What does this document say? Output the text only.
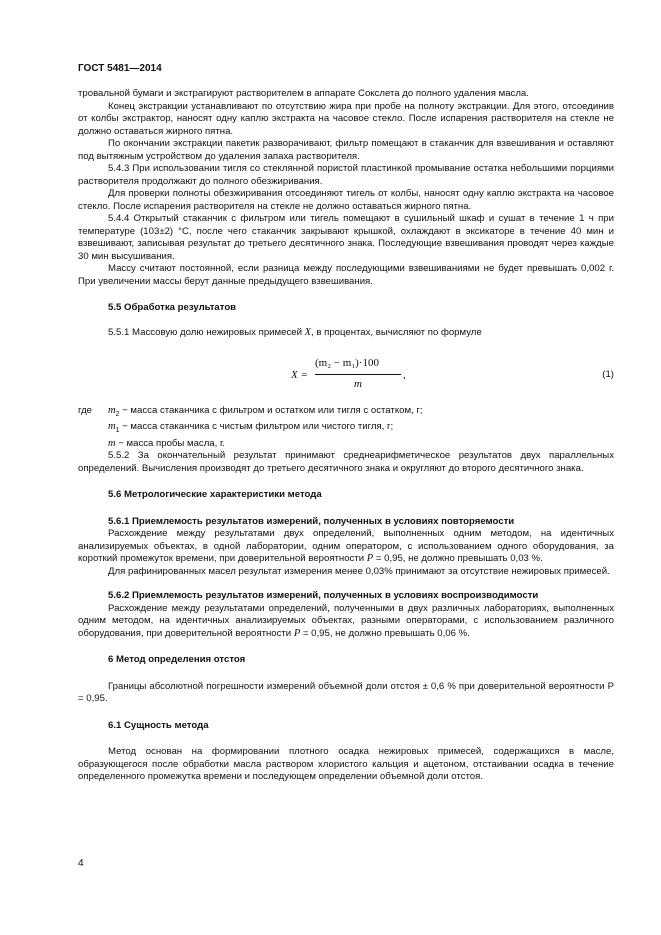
ГОСТ 5481—2014

тровальной бумаги и экстрагируют растворителем в аппарате Сокслета до полного удаления масла.

Конец экстракции устанавливают по отсутствию жира при пробе на полноту экстракции. Для этого, отсоединив от колбы экстрактор, наносят одну каплю экстракта на часовое стекло. После испарения растворителя на стекле не должно оставаться жирного пятна.

По окончании экстракции пакетик разворачивают, фильтр помещают в стаканчик для взвешивания и оставляют под вытяжным устройством до удаления запаха растворителя.

5.4.3 При использовании тигля со стеклянной пористой пластинкой промывание остатка небольшими порциями растворителя продолжают до полного обезжиривания.

Для проверки полноты обезжиривания отсоединяют тигель от колбы, наносят одну каплю экстракта на часовое стекло. После испарения растворителя на стекле не должно оставаться жирного пятна.

5.4.4 Открытый стаканчик с фильтром или тигель помещают в сушильный шкаф и сушат в течение 1 ч при температуре (103±2) °С, после чего стаканчик закрывают крышкой, охлаждают в эксикаторе в течение 40 мин и взвешивают, записывая результат до третьего десятичного знака. Последующие взвешивания проводят через каждые 30 мин высушивания.

Массу считают постоянной, если разница между последующими взвешиваниями не будет превышать 0,002 г. При увеличении массы берут данные предыдущего взвешивания.

5.5 Обработка результатов

5.5.1 Массовую долю нежировых примесей X, в процентах, вычисляют по формуле

X =
(m₂ − m₁)·100
m
,	(1)
где $m_2$ − масса стаканчика с фильтром и остатком или тигля с остатком, г;

$m_1$ − масса стаканчика с чистым фильтром или чистого тигля, г;

m − масса пробы масла, г.

5.5.2 За окончательный результат принимают среднеарифметическое результатов двух параллельных определений. Вычисления производят до третьего десятичного знака и округляют до второго десятичного знака.

5.6 Метрологические характеристики метода

5.6.1 Приемлемость результатов измерений, полученных в условиях повторяемости

Расхождение между результатами двух определений, выполненных одним методом, на идентичных анализируемых объектах, в одной лаборатории, одним оператором, с использованием одного оборудования, за короткий промежуток времени, при доверительной вероятности Р = 0,95, не должно превышать 0,03 %.

Для рафинированных масел результат измерения менее 0,03% принимают за отсутствие нежировых примесей.

5.6.2 Приемлемость результатов измерений, полученных в условиях воспроизводимости

Расхождение между результатами определений, полученными в двух различных лабораториях, выполненных одним методом, на идентичных анализируемых объектах, разными операторами, с использованием различного оборудования, при доверительной вероятности Р = 0,95, не должно превышать 0,06 %.

6 Метод определения отстоя

Границы абсолютной погрешности измерений объемной доли отстоя ± 0,6 % при доверительной вероятности Р = 0,95.

6.1 Сущность метода

Метод основан на формировании плотного осадка нежировых примесей, содержащихся в масле, образующегося после обработки масла раствором хлористого кальция и ацетоном, отстаивании осадка в течение определенного промежутка времени и последующем определении объемной доли отстоя.

4
